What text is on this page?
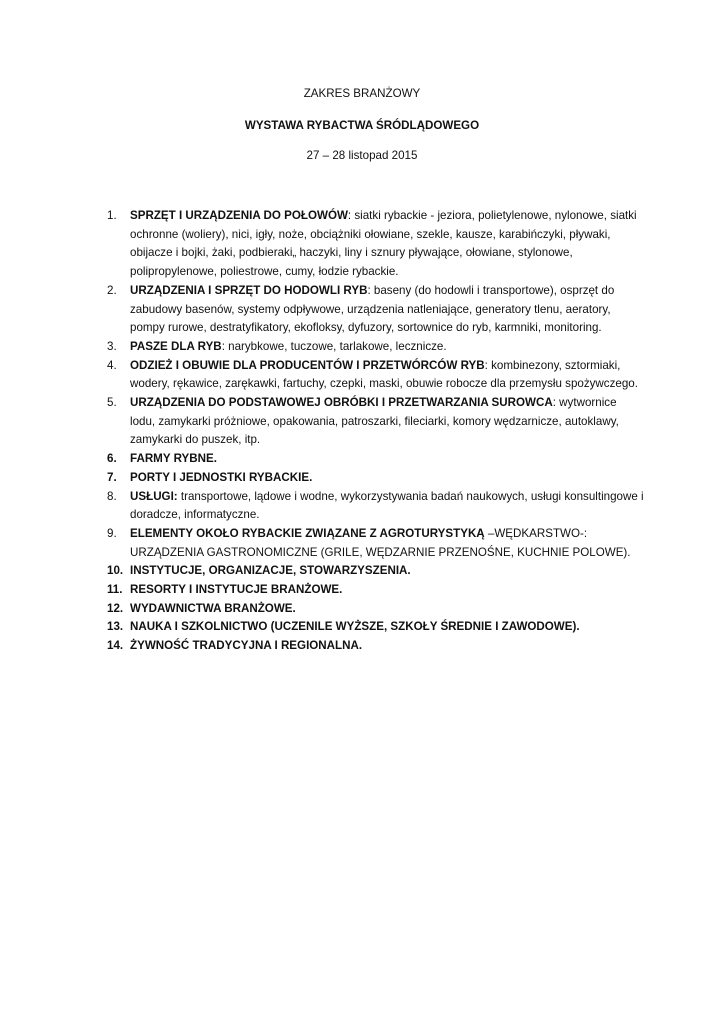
ZAKRES BRANŻOWY
WYSTAWA RYBACTWA ŚRÓDLĄDOWEGO
27 – 28 listopad 2015
1. SPRZĘT I URZĄDZENIA DO POŁOWÓW: siatki rybackie - jeziora, polietylenowe, nylonowe, siatki ochronne (woliery), nici, igły, noże, obciążniki ołowiane, szekle, kausze, karabińczyki, pływaki, obijacze i bojki, żaki, podbieraki„ haczyki, liny i sznury pływające, ołowiane, stylonowe, polipropylenowe, poliestrowe, cumy, łodzie rybackie.
2. URZĄDZENIA I SPRZĘT DO HODOWLI RYB: baseny (do hodowli i transportowe), osprzęt do zabudowy basenów, systemy odpływowe, urządzenia natleniające, generatory tlenu, aeratory, pompy rurowe, destratyfikatory, ekofloksy, dyfuzory, sortownice do ryb, karmniki, monitoring.
3. PASZE DLA RYB: narybkowe, tuczowe, tarlakowe, lecznicze.
4. ODZIEŻ I OBUWIE DLA PRODUCENTÓW I PRZETWÓRCÓW RYB: kombinezony, sztormiaki, wodery, rękawice, zarękawki, fartuchy, czepki, maski, obuwie robocze dla przemysłu spożywczego.
5. URZĄDZENIA DO PODSTAWOWEJ OBRÓBKI I PRZETWARZANIA SUROWCA: wytwornice lodu, zamykarki próżniowe, opakowania, patroszarki, fileciarki, komory wędzarnicze, autoklawy, zamykarki do puszek, itp.
6. FARMY RYBNE.
7. PORTY I JEDNOSTKI RYBACKIE.
8. USŁUGI: transportowe, lądowe i wodne, wykorzystywania badań naukowych, usługi konsultingowe i doradcze, informatyczne.
9. ELEMENTY OKOŁO RYBACKIE ZWIĄZANE Z AGROTURYSTYKĄ –WĘDKARSTWO-: URZĄDZENIA GASTRONOMICZNE (GRILE, WĘDZARNIE PRZENOŚNE, KUCHNIE POLOWE).
10. INSTYTUCJE, ORGANIZACJE, STOWARZYSZENIA.
11. RESORTY I INSTYTUCJE BRANŻOWE.
12. WYDAWNICTWA BRANŻOWE.
13. NAUKA I SZKOLNICTWO (UCZENILE WYŻSZE, SZKOŁY ŚREDNIE I ZAWODOWE).
14. ŻYWNOŚĆ TRADYCYJNA I REGIONALNA.
